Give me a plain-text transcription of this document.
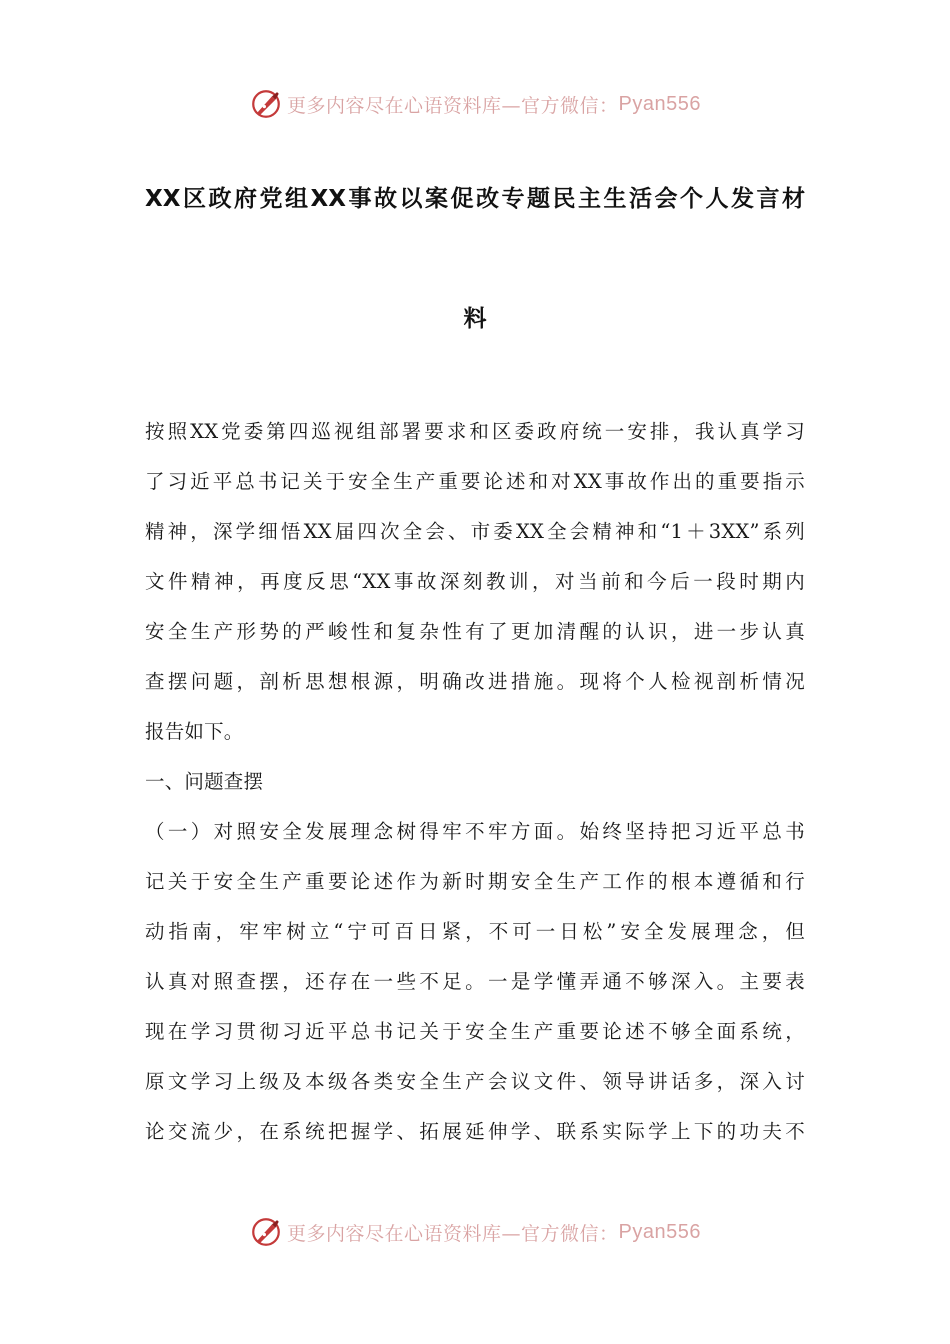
更多内容尽在心语资料库—官方微信： Pyan556
XX区政府党组XX事故以案促改专题民主生活会个人发言材
料
按照XX党委第四巡视组部署要求和区委政府统一安排，我认真学习
了习近平总书记关于安全生产重要论述和对XX事故作出的重要指示
精神，深学细悟XX届四次全会、市委XX全会精神和“1＋3XX”系列
文件精神，再度反思“XX事故深刻教训，对当前和今后一段时期内
安全生产形势的严峻性和复杂性有了更加清醒的认识，进一步认真
查摆问题，剖析思想根源，明确改进措施。现将个人检视剖析情况
报告如下。
一、问题查摆
（一）对照安全发展理念树得牢不牢方面。始终坚持把习近平总书
记关于安全生产重要论述作为新时期安全生产工作的根本遵循和行
动指南，牢牢树立“宁可百日紧，不可一日松”安全发展理念，但
认真对照查摆，还存在一些不足。一是学懂弄通不够深入。主要表
现在学习贯彻习近平总书记关于安全生产重要论述不够全面系统，
原文学习上级及本级各类安全生产会议文件、领导讲话多，深入讨
论交流少，在系统把握学、拓展延伸学、联系实际学上下的功夫不
更多内容尽在心语资料库—官方微信： Pyan556
